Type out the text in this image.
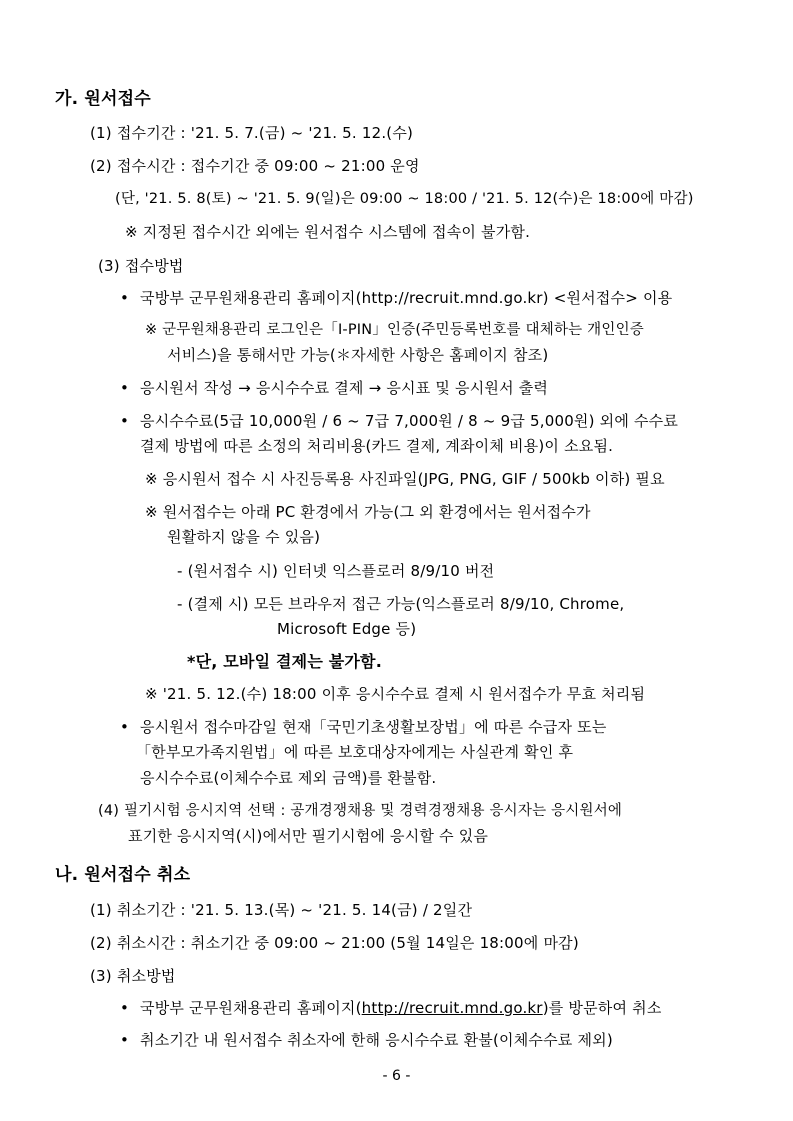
가. 원서접수
(1) 접수기간 : '21. 5. 7.(금) ~ '21. 5. 12.(수)
(2) 접수시간 : 접수기간 중 09:00 ~ 21:00 운영
(단, '21. 5. 8(토) ~ '21. 5. 9(일)은 09:00 ~ 18:00 / '21. 5. 12(수)은 18:00에 마감)
※ 지정된 접수시간 외에는 원서접수 시스템에 접속이 불가함.
(3) 접수방법
• 국방부 군무원채용관리 홈페이지(http://recruit.mnd.go.kr) <원서접수> 이용
※ 군무원채용관리 로그인은「I-PIN」인증(주민등록번호를 대체하는 개인인증
서비스)을 통해서만 가능(＊자세한 사항은 홈페이지 참조)
• 응시원서 작성 → 응시수수료 결제 → 응시표 및 응시원서 출력
• 응시수수료(5급 10,000원 / 6 ~ 7급 7,000원 / 8 ~ 9급 5,000원) 외에 수수료
결제 방법에 따른 소정의 처리비용(카드 결제, 계좌이체 비용)이 소요됨.
※ 응시원서 접수 시 사진등록용 사진파일(JPG, PNG, GIF / 500kb 이하) 필요
※ 원서접수는 아래 PC 환경에서 가능(그 외 환경에서는 원서접수가
원활하지 않을 수 있음)
- (원서접수 시) 인터넷 익스플로러 8/9/10 버전
- (결제 시) 모든 브라우저 접근 가능(익스플로러 8/9/10, Chrome,
Microsoft Edge 등)
*단, 모바일 결제는 불가함.
※ '21. 5. 12.(수) 18:00 이후 응시수수료 결제 시 원서접수가 무효 처리됨
• 응시원서 접수마감일 현재「국민기초생활보장법」에 따른 수급자 또는
「한부모가족지원법」에 따른 보호대상자에게는 사실관계 확인 후
응시수수료(이체수수료 제외 금액)를 환불함.
(4) 필기시험 응시지역 선택 : 공개경쟁채용 및 경력경쟁채용 응시자는 응시원서에
표기한 응시지역(시)에서만 필기시험에 응시할 수 있음
나. 원서접수 취소
(1) 취소기간 : '21. 5. 13.(목) ~ '21. 5. 14(금) / 2일간
(2) 취소시간 : 취소기간 중 09:00 ~ 21:00 (5월 14일은 18:00에 마감)
(3) 취소방법
• 국방부 군무원채용관리 홈페이지(http://recruit.mnd.go.kr)를 방문하여 취소
• 취소기간 내 원서접수 취소자에 한해 응시수수료 환불(이체수수료 제외)
- 6 -
